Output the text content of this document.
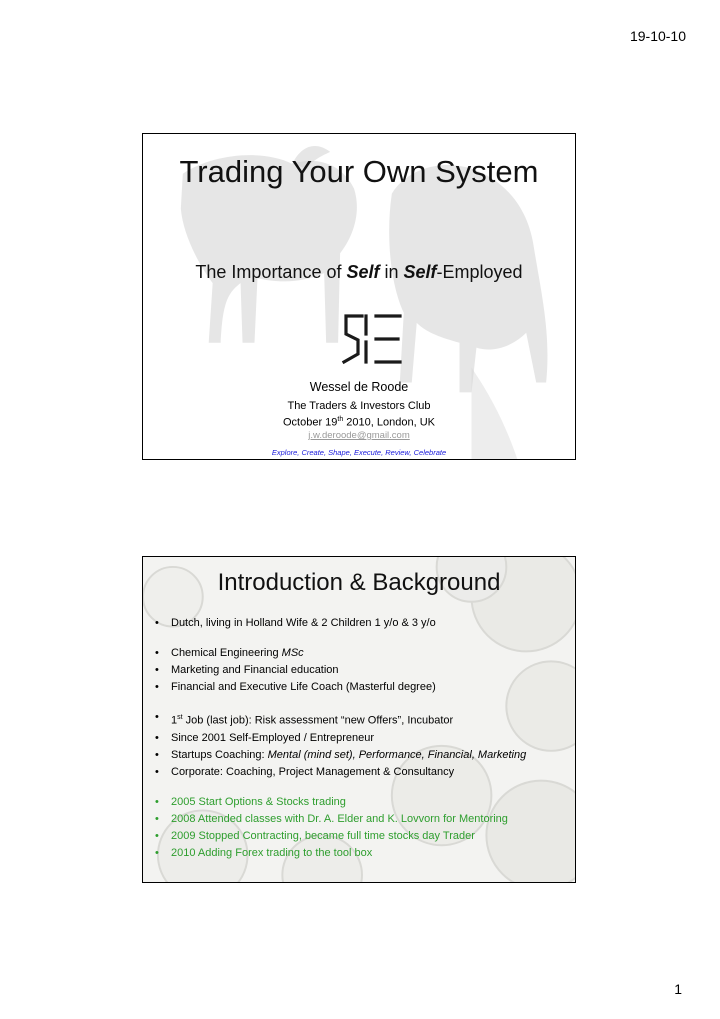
19-10-10
Trading Your Own System
The Importance of Self in Self-Employed
Wessel de Roode
The Traders & Investors Club
October 19th 2010, London, UK
j.w.deroode@gmail.com
Explore, Create, Shape, Execute, Review, Celebrate
Introduction & Background
• Dutch, living in Holland Wife & 2 Children 1 y/o & 3 y/o
• Chemical Engineering MSc
• Marketing and Financial education
• Financial and Executive Life Coach (Masterful degree)
• 1st Job (last job): Risk assessment “new Offers”, Incubator
• Since 2001 Self-Employed / Entrepreneur
• Startups Coaching: Mental (mind set), Performance, Financial, Marketing
• Corporate: Coaching, Project Management & Consultancy
• 2005 Start Options & Stocks trading
• 2008 Attended classes with Dr. A. Elder and K. Lovvorn for Mentoring
• 2009 Stopped Contracting, became full time stocks day Trader
• 2010 Adding Forex trading to the tool box
1
